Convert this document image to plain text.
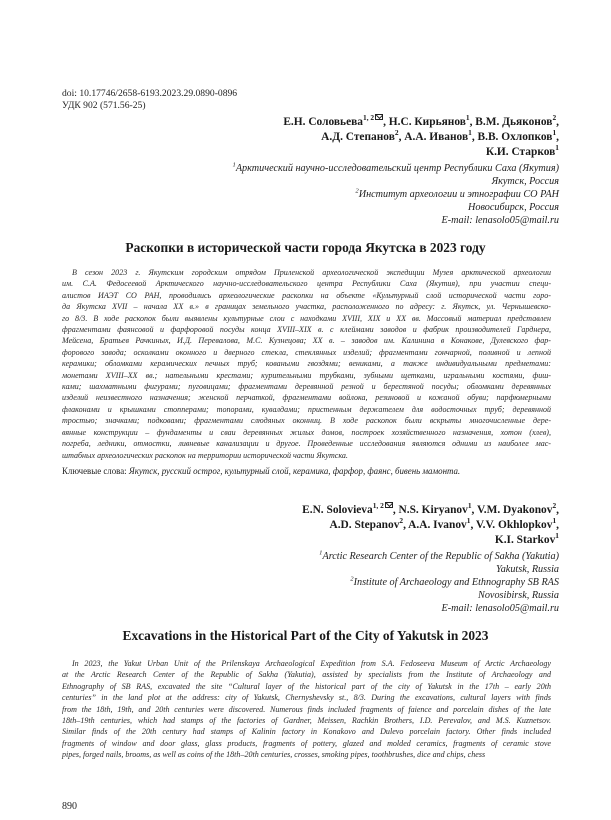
doi: 10.17746/2658-6193.2023.29.0890-0896
УДК 902 (571.56-25)
Е.Н. Соловьева$^{1, 2}$ , Н.С. Кирьянов$^1$, В.М. Дьяконов$^2$,
А.Д. Степанов$^2$, А.А. Иванов$^1$, В.В. Охлопков$^1$,
К.И. Старков$^1$
$^1$Арктический научно-исследовательский центр Республики Саха (Якутия)
Якутск, Россия
$^2$Институт археологии и этнографии СО РАН
Новосибирск, Россия
E-mail: lenasolo05@mail.ru
Раскопки в исторической части города Якутска в 2023 году
В сезон 2023 г. Якутским городским отрядом Приленской археологической экспедиции Музея арктической археологии
им. С.А. Федосеевой Арктического научно-исследовательского центра Республики Саха (Якутия), при участии специ-
алистов ИАЭТ СО РАН, проводились археологические раскопки на объекте «Культурный слой исторической части горо-
да Якутска XVII – начала XX в.» в границах земельного участка, расположенного по адресу: г. Якутск, ул. Чернышевско-
го 8/3. В ходе раскопок были выявлены культурные слои с находками XVIII, XIX и XX вв. Массовый материал представлен
фрагментами фаянсовой и фарфоровой посуды конца XVIII–XIX в. с клеймами заводов и фабрик производителей Гарднера,
Мейсена, Братьев Рачкиных, И.Д. Перевалова, М.С. Кузнецова; XX в. – заводов им. Калинина в Конакове, Дулевского фар-
форового завода; осколками оконного и дверного стекла, стеклянных изделий; фрагментами гончарной, поливной и лепной
керамики; обломками керамических печных труб; коваными гвоздями; вениками, а также индивидуальными предметами:
монетами XVIII–XX вв.; нательными крестами; курительными трубками, зубными щетками, игральными костями, фиш-
ками; шахматными фигурами; пуговицами; фрагментами деревянной резной и берестяной посуды; обломками деревянных
изделий неизвестного назначения; женской перчаткой, фрагментами войлока, резиновой и кожаной обуви; парфюмерными
флаконами и крышками стопперами; топорами, кувалдами; пристенным держателем для водосточных труб; деревянной
тростью; значками; подковами; фрагментами слюдяных оконниц. В ходе раскопок были вскрыты многочисленные дере-
вянные конструкции – фундаменты и сваи деревянных жилых домов, построек хозяйственного назначения, хотон (хлев),
погреба, ледники, отмостки, ливневые канализации и другое. Проведенные исследования являются одними из наиболее мас-
штабных археологических раскопок на территории исторической части Якутска.
Ключевые слова: Якутск, русский острог, культурный слой, керамика, фарфор, фаянс, бивень мамонта.
E.N. Solovieva$^{1, 2}$ , N.S. Kiryanov$^1$, V.M. Dyakonov$^2$,
A.D. Stepanov$^2$, A.A. Ivanov$^1$, V.V. Okhlopkov$^1$,
K.I. Starkov$^1$
$^1$Arctic Research Center of the Republic of Sakha (Yakutia)
Yakutsk, Russia
$^2$Institute of Archaeology and Ethnography SB RAS
Novosibirsk, Russia
E-mail: lenasolo05@mail.ru
Excavations in the Historical Part of the City of Yakutsk in 2023
In 2023, the Yakut Urban Unit of the Prilenskaya Archaeological Expedition from S.A. Fedoseeva Museum of Arctic Archaeology
at the Arctic Research Center of the Republic of Sakha (Yakutia), assisted by specialists from the Institute of Archaeology and
Ethnography of SB RAS, excavated the site “Cultural layer of the historical part of the city of Yakutsk in the 17th – early 20th
centuries” in the land plot at the address: city of Yakutsk, Chernyshevsky st., 8/3. During the excavations, cultural layers with finds
from the 18th, 19th, and 20th centuries were discovered. Numerous finds included fragments of faience and porcelain dishes of the late
18th–19th centuries, which had stamps of the factories of Gardner, Meissen, Rachkin Brothers, I.D. Perevalov, and M.S. Kuznetsov.
Similar finds of the 20th century had stamps of Kalinin factory in Konakovo and Dulevo porcelain factory. Other finds included
fragments of window and door glass, glass products, fragments of pottery, glazed and molded ceramics, fragments of ceramic stove
pipes, forged nails, brooms, as well as coins of the 18th–20th centuries, crosses, smoking pipes, toothbrushes, dice and chips, chess
890
